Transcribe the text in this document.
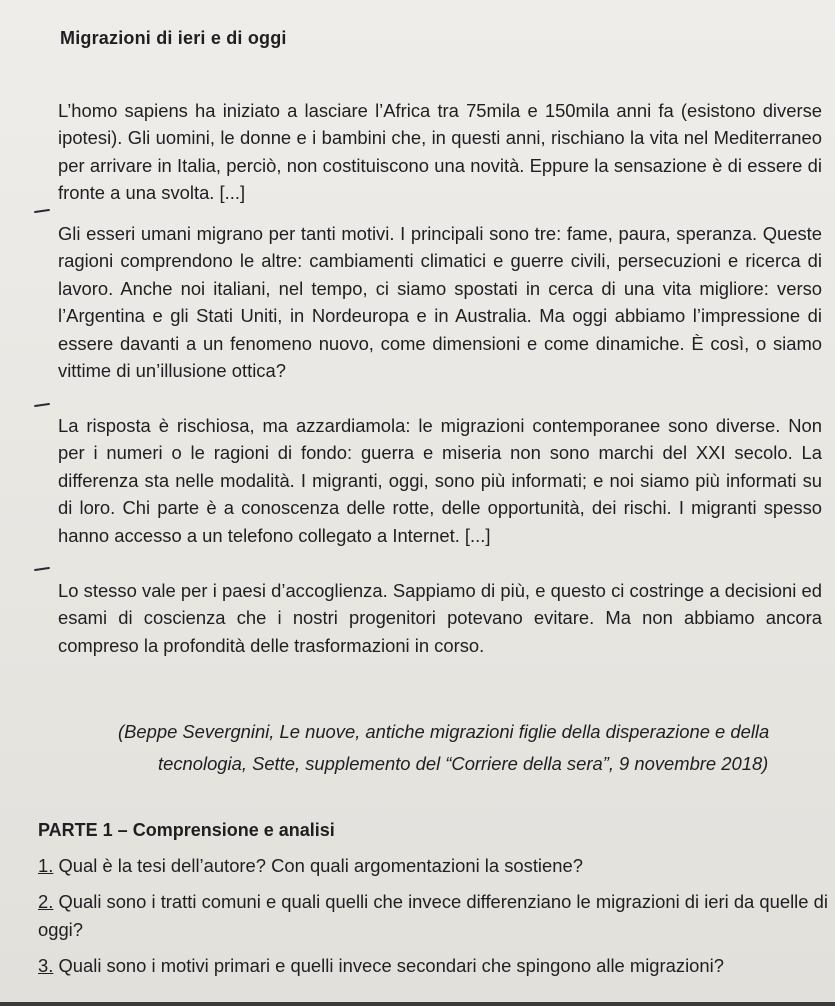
Migrazioni di ieri e di oggi
L’homo sapiens ha iniziato a lasciare l’Africa tra 75mila e 150mila anni fa (esistono diverse ipotesi). Gli uomini, le donne e i bambini che, in questi anni, rischiano la vita nel Mediterraneo per arrivare in Italia, perciò, non costituiscono una novità. Eppure la sensazione è di essere di fronte a una svolta. [...]
Gli esseri umani migrano per tanti motivi. I principali sono tre: fame, paura, speranza. Queste ragioni comprendono le altre: cambiamenti climatici e guerre civili, persecuzioni e ricerca di lavoro. Anche noi italiani, nel tempo, ci siamo spostati in cerca di una vita migliore: verso l’Argentina e gli Stati Uniti, in Nordeuropa e in Australia. Ma oggi abbiamo l’impressione di essere davanti a un fenomeno nuovo, come dimensioni e come dinamiche. È così, o siamo vittime di un’illusione ottica?
La risposta è rischiosa, ma azzardiamola: le migrazioni contemporanee sono diverse. Non per i numeri o le ragioni di fondo: guerra e miseria non sono marchi del XXI secolo. La differenza sta nelle modalità. I migranti, oggi, sono più informati; e noi siamo più informati su di loro. Chi parte è a conoscenza delle rotte, delle opportunità, dei rischi. I migranti spesso hanno accesso a un telefono collegato a Internet. [...]
Lo stesso vale per i paesi d’accoglienza. Sappiamo di più, e questo ci costringe a decisioni ed esami di coscienza che i nostri progenitori potevano evitare. Ma non abbiamo ancora compreso la profondità delle trasformazioni in corso.
(Beppe Severgnini, Le nuove, antiche migrazioni figlie della disperazione e della
tecnologia, Sette, supplemento del “Corriere della sera”, 9 novembre 2018)
PARTE 1 – Comprensione e analisi
1. Qual è la tesi dell’autore? Con quali argomentazioni la sostiene?
2. Quali sono i tratti comuni e quali quelli che invece differenziano le migrazioni di ieri da quelle di oggi?
3. Quali sono i motivi primari e quelli invece secondari che spingono alle migrazioni?
